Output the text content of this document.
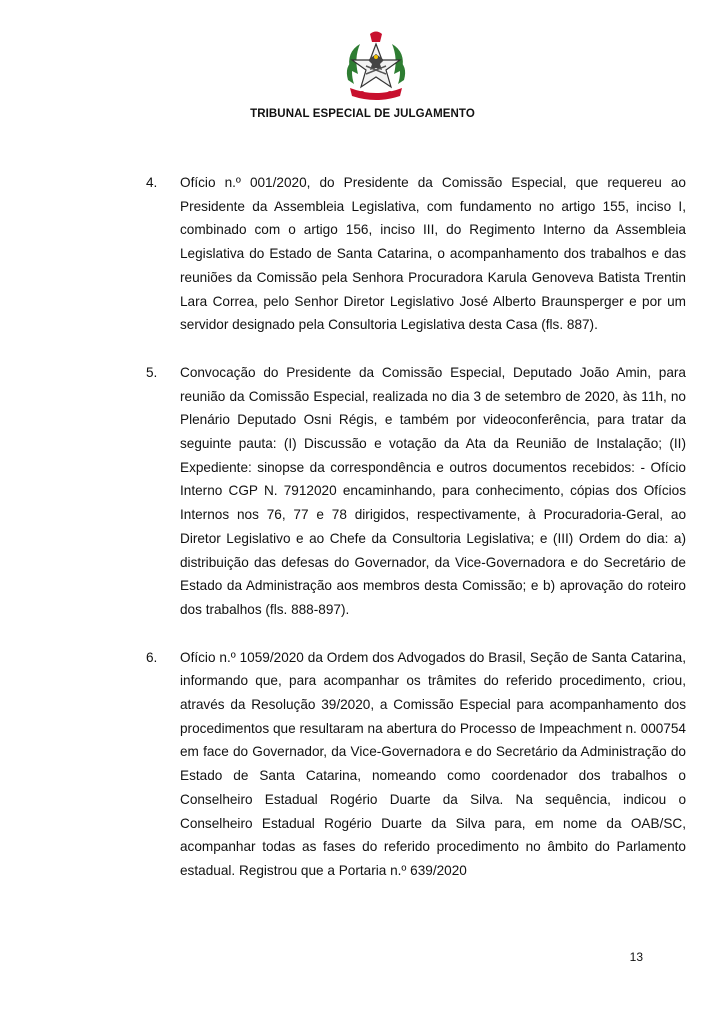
TRIBUNAL ESPECIAL DE JULGAMENTO
4. Ofício n.º 001/2020, do Presidente da Comissão Especial, que requereu ao Presidente da Assembleia Legislativa, com fundamento no artigo 155, inciso I, combinado com o artigo 156, inciso III, do Regimento Interno da Assembleia Legislativa do Estado de Santa Catarina, o acompanhamento dos trabalhos e das reuniões da Comissão pela Senhora Procuradora Karula Genoveva Batista Trentin Lara Correa, pelo Senhor Diretor Legislativo José Alberto Braunsperger e por um servidor designado pela Consultoria Legislativa desta Casa (fls. 887).
5. Convocação do Presidente da Comissão Especial, Deputado João Amin, para reunião da Comissão Especial, realizada no dia 3 de setembro de 2020, às 11h, no Plenário Deputado Osni Régis, e também por videoconferência, para tratar da seguinte pauta: (I) Discussão e votação da Ata da Reunião de Instalação; (II) Expediente: sinopse da correspondência e outros documentos recebidos: - Ofício Interno CGP N. 7912020 encaminhando, para conhecimento, cópias dos Ofícios Internos nos 76, 77 e 78 dirigidos, respectivamente, à Procuradoria-Geral, ao Diretor Legislativo e ao Chefe da Consultoria Legislativa; e (III) Ordem do dia: a) distribuição das defesas do Governador, da Vice-Governadora e do Secretário de Estado da Administração aos membros desta Comissão; e b) aprovação do roteiro dos trabalhos (fls. 888-897).
6. Ofício n.º 1059/2020 da Ordem dos Advogados do Brasil, Seção de Santa Catarina, informando que, para acompanhar os trâmites do referido procedimento, criou, através da Resolução 39/2020, a Comissão Especial para acompanhamento dos procedimentos que resultaram na abertura do Processo de Impeachment n. 000754 em face do Governador, da Vice-Governadora e do Secretário da Administração do Estado de Santa Catarina, nomeando como coordenador dos trabalhos o Conselheiro Estadual Rogério Duarte da Silva. Na sequência, indicou o Conselheiro Estadual Rogério Duarte da Silva para, em nome da OAB/SC, acompanhar todas as fases do referido procedimento no âmbito do Parlamento estadual. Registrou que a Portaria n.º 639/2020
13
